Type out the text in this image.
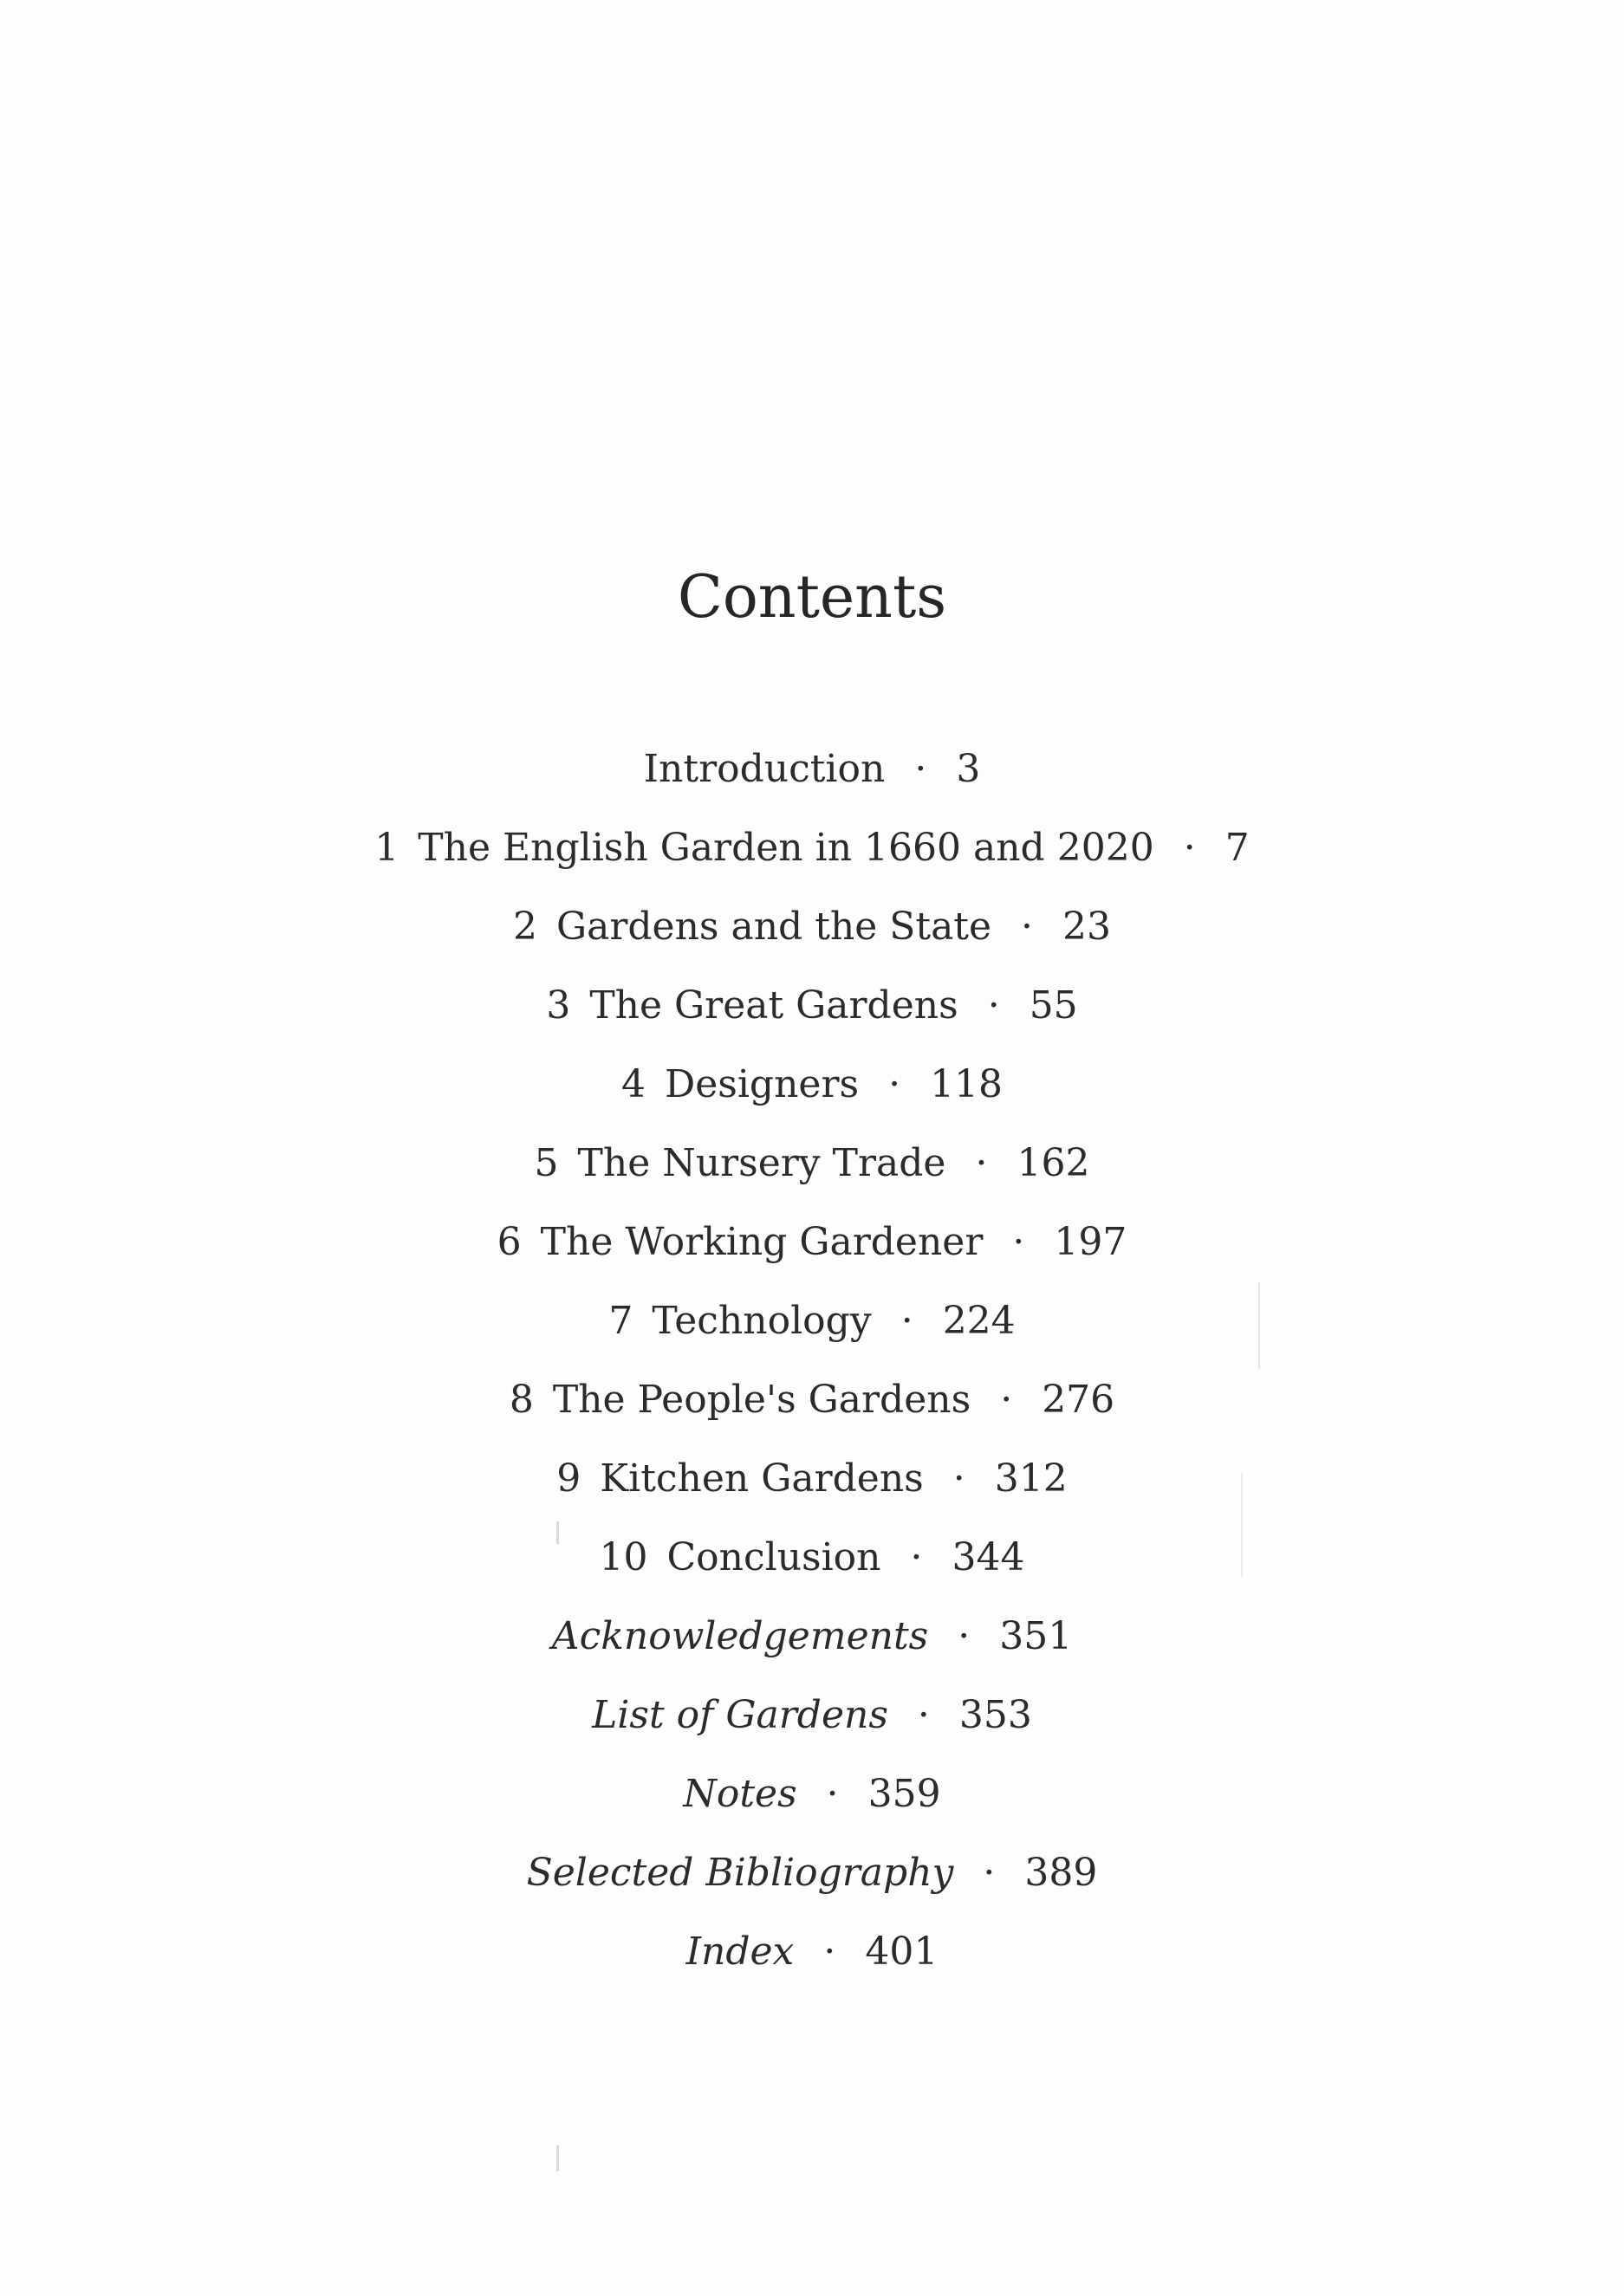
Contents
Introduction · 3
1 The English Garden in 1660 and 2020 · 7
2 Gardens and the State · 23
3 The Great Gardens · 55
4 Designers · 118
5 The Nursery Trade · 162
6 The Working Gardener · 197
7 Technology · 224
8 The People's Gardens · 276
9 Kitchen Gardens · 312
10 Conclusion · 344
Acknowledgements · 351
List of Gardens · 353
Notes · 359
Selected Bibliography · 389
Index · 401
